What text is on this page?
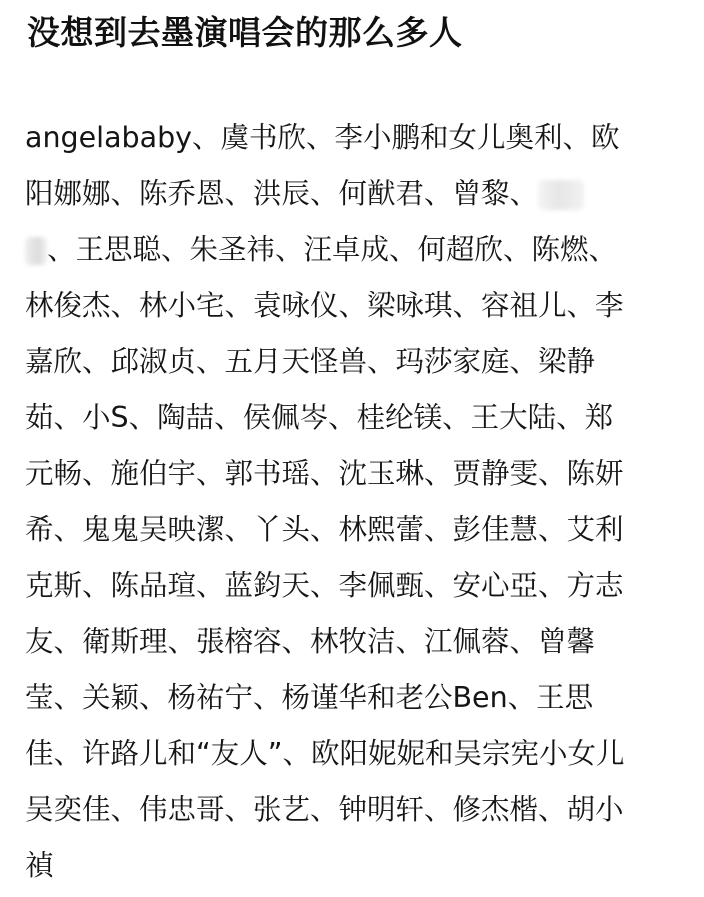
没想到去墨演唱会的那么多人
angelababy、虞书欣、李小鹏和女儿奥利、欧
阳娜娜、陈乔恩、洪辰、何猷君、曾黎、
、王思聪、朱圣祎、汪卓成、何超欣、陈燃、
林俊杰、林小宅、袁咏仪、梁咏琪、容祖儿、李
嘉欣、邱淑贞、五月天怪兽、玛莎家庭、梁静
茹、小S、陶喆、侯佩岑、桂纶镁、王大陆、郑
元畅、施伯宇、郭书瑶、沈玉琳、贾静雯、陈妍
希、鬼鬼吴映潔、丫头、林熙蕾、彭佳慧、艾利
克斯、陈品瑄、蓝鈞天、李佩甄、安心亞、方志
友、衛斯理、張榕容、林牧洁、江佩蓉、曾馨
莹、关颖、杨祐宁、杨谨华和老公Ben、王思
佳、许路儿和“友人”、欧阳妮妮和吴宗宪小女儿
吴奕佳、伟忠哥、张艺、钟明轩、修杰楷、胡小
禎
